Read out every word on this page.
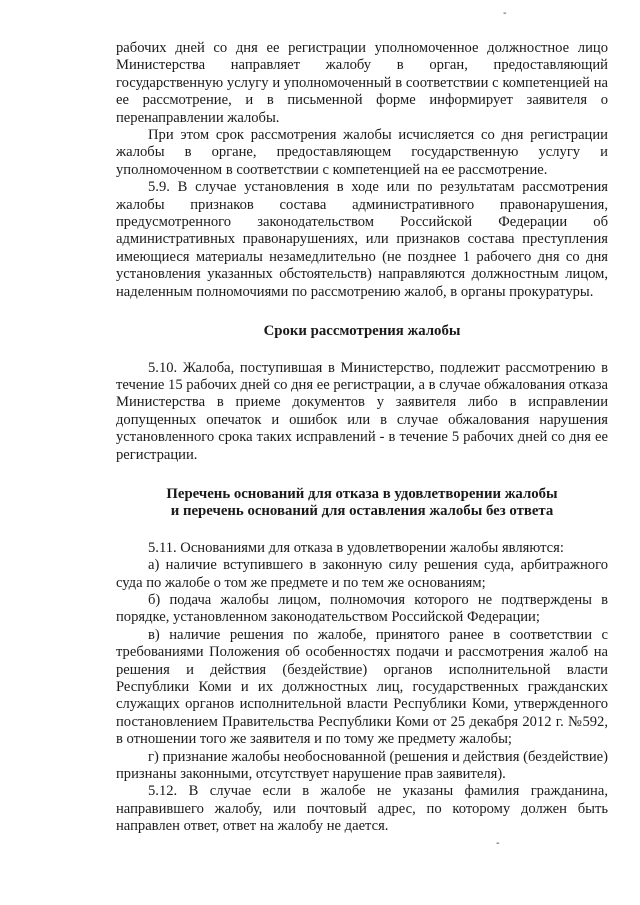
-

рабочих дней со дня ее регистрации уполномоченное должностное лицо Министерства направляет жалобу в орган, предоставляющий государственную услугу и уполномоченный в соответствии с компетенцией на ее рассмотрение, и в письменной форме информирует заявителя о перенаправлении жалобы.

При этом срок рассмотрения жалобы исчисляется со дня регистрации жалобы в органе, предоставляющем государственную услугу и уполномоченном в соответствии с компетенцией на ее рассмотрение.

5.9. В случае установления в ходе или по результатам рассмотрения жалобы признаков состава административного правонарушения, предусмотренного законодательством Российской Федерации об административных правонарушениях, или признаков состава преступления имеющиеся материалы незамедлительно (не позднее 1 рабочего дня со дня установления указанных обстоятельств) направляются должностным лицом, наделенным полномочиями по рассмотрению жалоб, в органы прокуратуры.

Сроки рассмотрения жалобы

5.10. Жалоба, поступившая в Министерство, подлежит рассмотрению в течение 15 рабочих дней со дня ее регистрации, а в случае обжалования отказа Министерства в приеме документов у заявителя либо в исправлении допущенных опечаток и ошибок или в случае обжалования нарушения установленного срока таких исправлений - в течение 5 рабочих дней со дня ее регистрации.

Перечень оснований для отказа в удовлетворении жалобы

и перечень оснований для оставления жалобы без ответа

5.11. Основаниями для отказа в удовлетворении жалобы являются:

а) наличие вступившего в законную силу решения суда, арбитражного суда по жалобе о том же предмете и по тем же основаниям;

б) подача жалобы лицом, полномочия которого не подтверждены в порядке, установленном законодательством Российской Федерации;

в) наличие решения по жалобе, принятого ранее в соответствии с требованиями Положения об особенностях подачи и рассмотрения жалоб на решения и действия (бездействие) органов исполнительной власти Республики Коми и их должностных лиц, государственных гражданских служащих органов исполнительной власти Республики Коми, утвержденного постановлением Правительства Республики Коми от 25 декабря 2012 г. №592, в отношении того же заявителя и по тому же предмету жалобы;

г) признание жалобы необоснованной (решения и действия (бездействие) признаны законными, отсутствует нарушение прав заявителя).

5.12. В случае если в жалобе не указаны фамилия гражданина, направившего жалобу, или почтовый адрес, по которому должен быть направлен ответ, ответ на жалобу не дается.

-
